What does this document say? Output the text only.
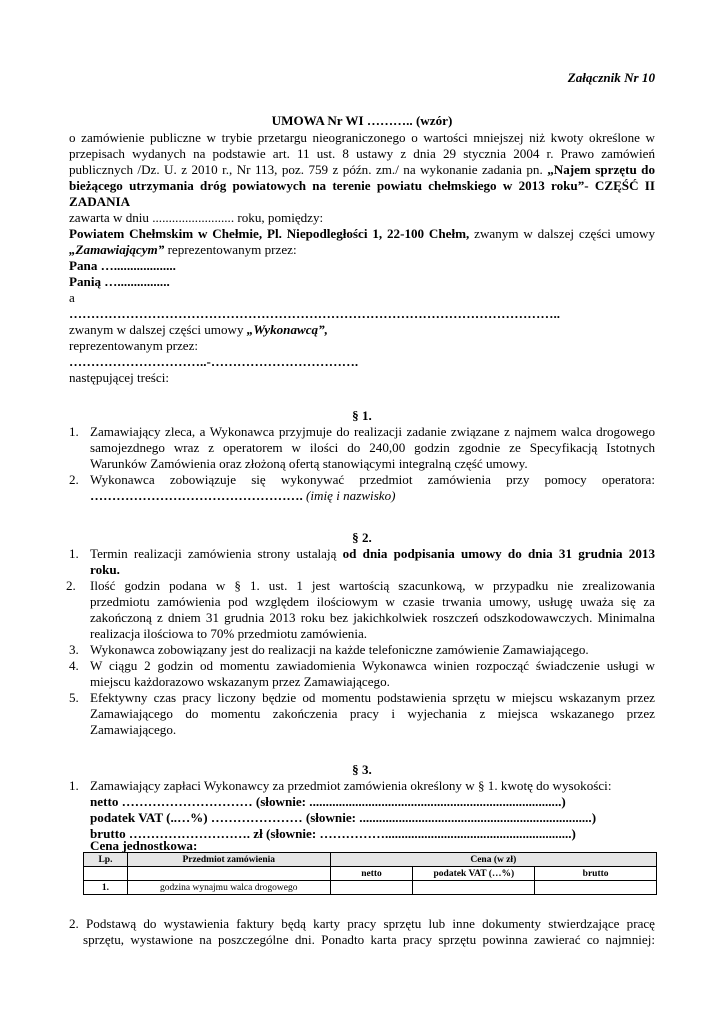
Załącznik Nr 10
UMOWA Nr WI ……….. (wzór)
o zamówienie publiczne w trybie przetargu nieograniczonego o wartości mniejszej niż kwoty określone w
przepisach wydanych na podstawie art. 11 ust. 8 ustawy z dnia 29 stycznia 2004 r. Prawo zamówień
publicznych /Dz. U. z 2010 r., Nr 113, poz. 759 z późn. zm./ na wykonanie zadania pn. „Najem sprzętu do
bieżącego utrzymania dróg powiatowych na terenie powiatu chełmskiego w 2013 roku”- CZĘŚĆ II
ZADANIA
zawarta w dniu ......................... roku, pomiędzy:
Powiatem Chełmskim w Chełmie, Pl. Niepodległości 1, 22-100 Chełm, zwanym w dalszej części umowy
„Zamawiającym” reprezentowanym przez:
Pana …...................
Panią …................
a
…………………………………………………………………………………………………..
zwanym w dalszej części umowy „Wykonawcą”,
reprezentowanym przez:
…………………………..-…………………………….
następującej treści:
§ 1.
1. Zamawiający zleca, a Wykonawca przyjmuje do realizacji zadanie związane z najmem walca drogowego
samojezdnego wraz z operatorem w ilości do 240,00 godzin zgodnie ze Specyfikacją Istotnych
Warunków Zamówienia oraz złożoną ofertą stanowiącymi integralną część umowy.
2. Wykonawca zobowiązuje się wykonywać przedmiot zamówienia przy pomocy operatora:
…………………………………………. (imię i nazwisko)
§ 2.
1. Termin realizacji zamówienia strony ustalają od dnia podpisania umowy do dnia 31 grudnia 2013
roku.
2. Ilość godzin podana w § 1. ust. 1 jest wartością szacunkową, w przypadku nie zrealizowania
przedmiotu zamówienia pod względem ilościowym w czasie trwania umowy, usługę uważa się za
zakończoną z dniem 31 grudnia 2013 roku bez jakichkolwiek roszczeń odszkodowawczych. Minimalna
realizacja ilościowa to 70% przedmiotu zamówienia.
3. Wykonawca zobowiązany jest do realizacji na każde telefoniczne zamówienie Zamawiającego.
4. W ciągu 2 godzin od momentu zawiadomienia Wykonawca winien rozpocząć świadczenie usługi w
miejscu każdorazowo wskazanym przez Zamawiającego.
5. Efektywny czas pracy liczony będzie od momentu podstawienia sprzętu w miejscu wskazanym przez
Zamawiającego do momentu zakończenia pracy i wyjechania z miejsca wskazanego przez
Zamawiającego.
§ 3.
1. Zamawiający zapłaci Wykonawcy za przedmiot zamówienia określony w § 1. kwotę do wysokości:
netto ………………………… (słownie: .............................................................................)
podatek VAT (..…%) ………………… (słownie: .......................................................................)
brutto ………………………. zł (słownie: …………….........................................................)
Cena jednostkowa:
Lp.	Przedmiot zamówienia	Cena (w zł)		
		netto	podatek VAT (…%)	brutto
1.	godzina wynajmu walca drogowego			
2. Podstawą do wystawienia faktury będą karty pracy sprzętu lub inne dokumenty stwierdzające pracę
sprzętu, wystawione na poszczególne dni. Ponadto karta pracy sprzętu powinna zawierać co najmniej:
